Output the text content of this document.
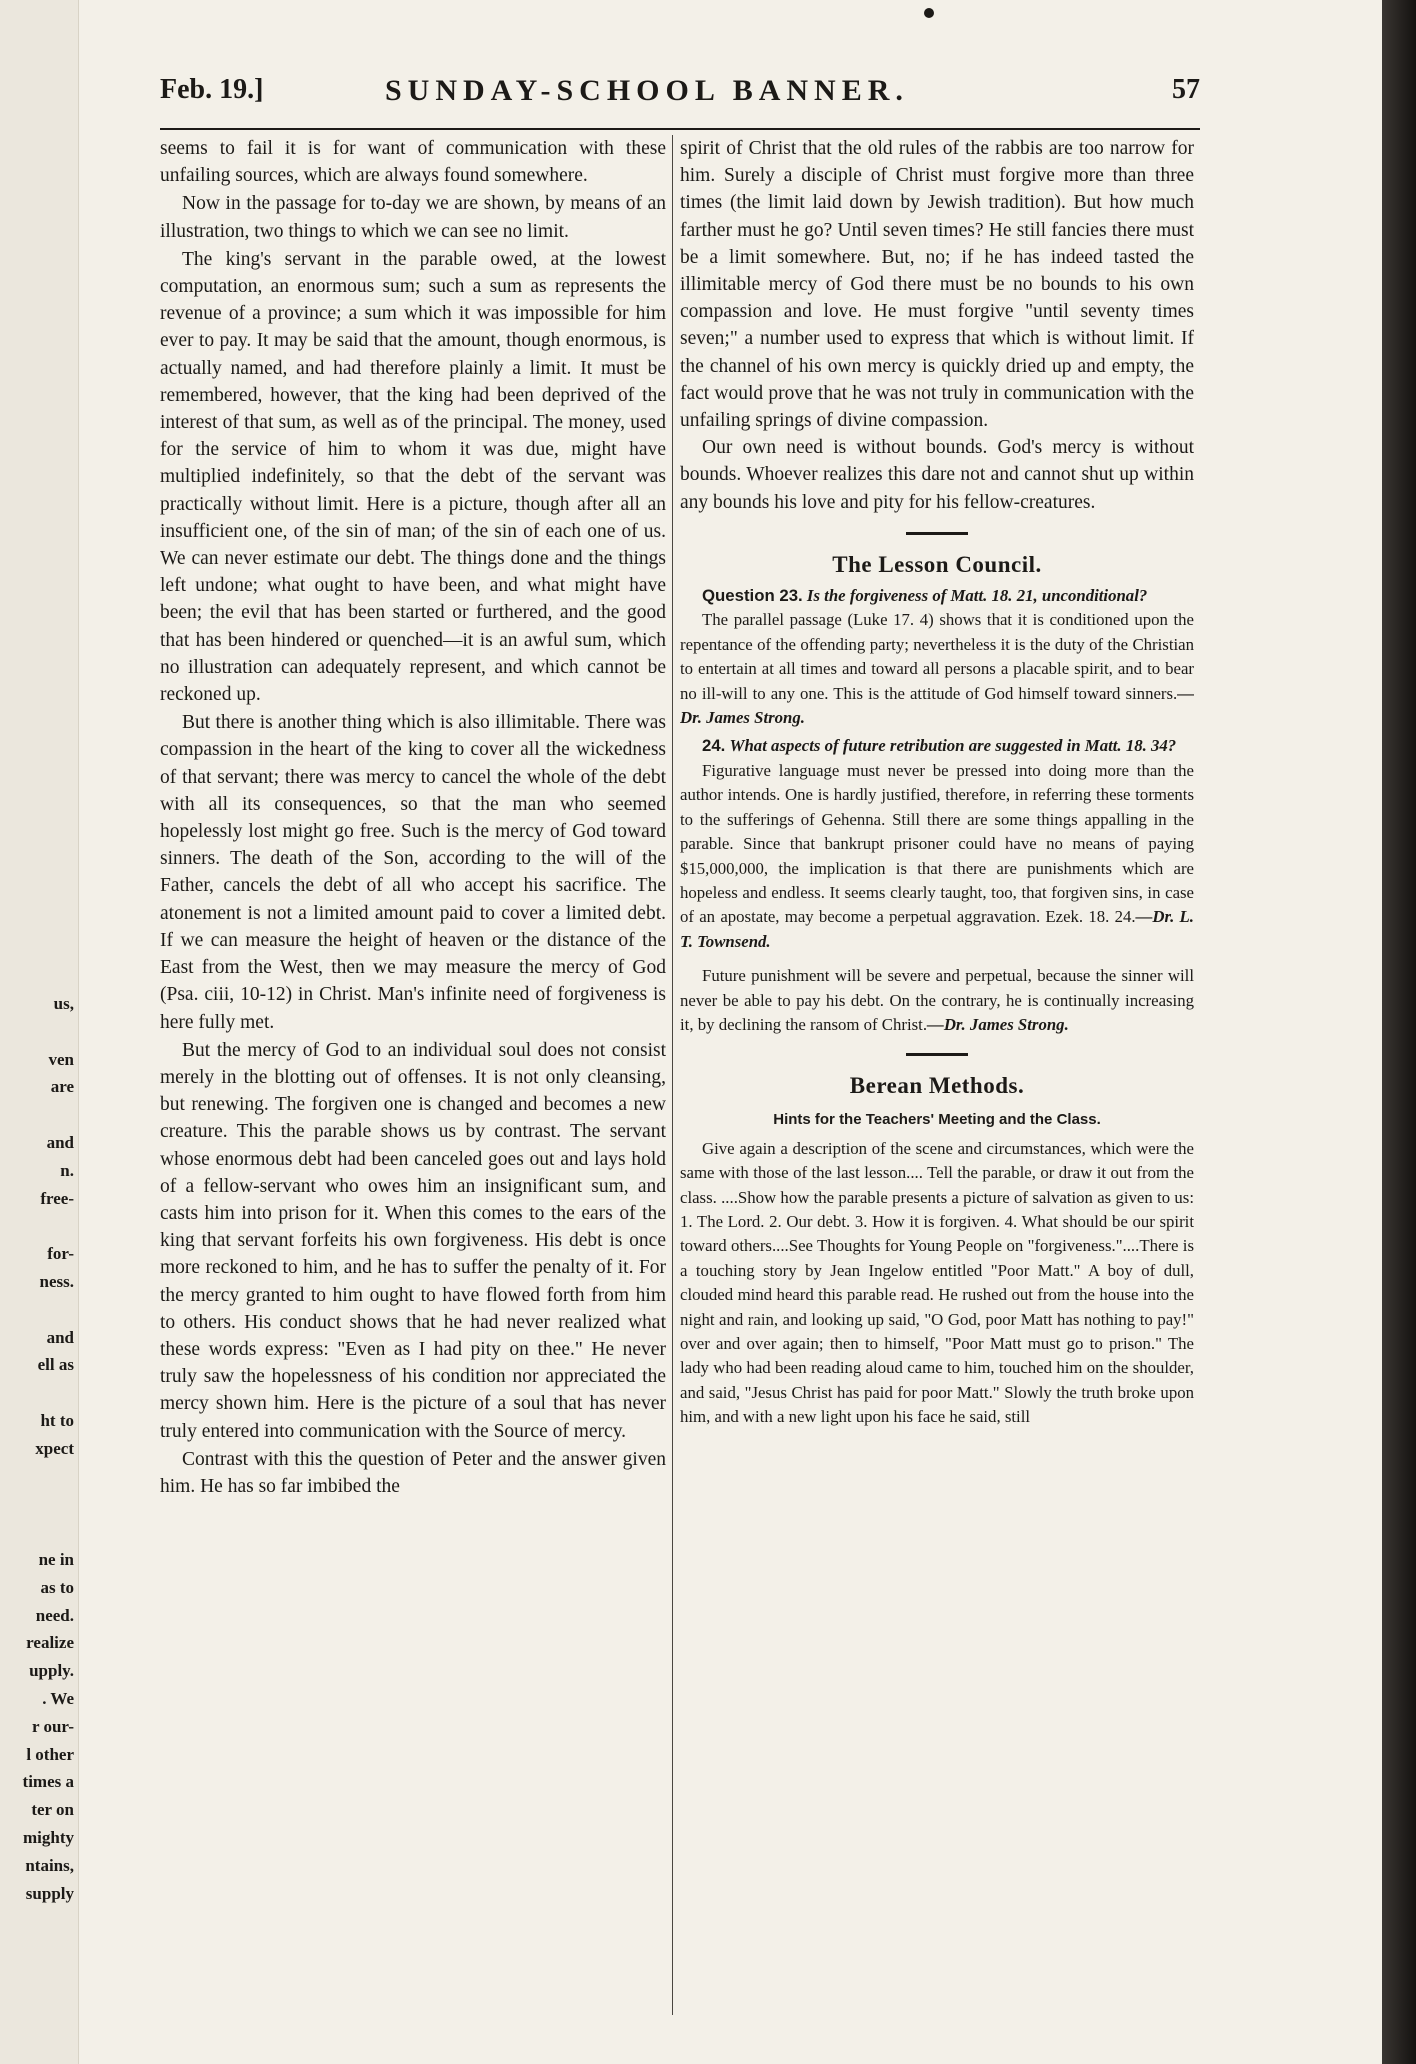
us,
ven
are
and
n.
free-
for-
ness.
and
ell as
ht to
xpect
ne in
as to
need.
realize
upply.
. We
r our-
l other
times a
ter on
mighty
ntains,
supply
Feb. 19.]	SUNDAY-SCHOOL BANNER.	57

seems to fail it is for want of communication with these unfailing sources, which are always found somewhere.

Now in the passage for to-day we are shown, by means of an illustration, two things to which we can see no limit.

The king's servant in the parable owed, at the lowest computation, an enormous sum; such a sum as represents the revenue of a province; a sum which it was impossible for him ever to pay. It may be said that the amount, though enormous, is actually named, and had therefore plainly a limit. It must be remembered, however, that the king had been deprived of the interest of that sum, as well as of the principal. The money, used for the service of him to whom it was due, might have multiplied indefinitely, so that the debt of the servant was practically without limit. Here is a picture, though after all an insufficient one, of the sin of man; of the sin of each one of us. We can never estimate our debt. The things done and the things left undone; what ought to have been, and what might have been; the evil that has been started or furthered, and the good that has been hindered or quenched—it is an awful sum, which no illustration can adequately represent, and which cannot be reckoned up.

But there is another thing which is also illimitable. There was compassion in the heart of the king to cover all the wickedness of that servant; there was mercy to cancel the whole of the debt with all its consequences, so that the man who seemed hopelessly lost might go free. Such is the mercy of God toward sinners. The death of the Son, according to the will of the Father, cancels the debt of all who accept his sacrifice. The atonement is not a limited amount paid to cover a limited debt. If we can measure the height of heaven or the distance of the East from the West, then we may measure the mercy of God (Psa. ciii, 10-12) in Christ. Man's infinite need of forgiveness is here fully met.

But the mercy of God to an individual soul does not consist merely in the blotting out of offenses. It is not only cleansing, but renewing. The forgiven one is changed and becomes a new creature. This the parable shows us by contrast. The servant whose enormous debt had been canceled goes out and lays hold of a fellow-servant who owes him an insignificant sum, and casts him into prison for it. When this comes to the ears of the king that servant forfeits his own forgiveness. His debt is once more reckoned to him, and he has to suffer the penalty of it. For the mercy granted to him ought to have flowed forth from him to others. His conduct shows that he had never realized what these words express: "Even as I had pity on thee." He never truly saw the hopelessness of his condition nor appreciated the mercy shown him. Here is the picture of a soul that has never truly entered into communication with the Source of mercy.

Contrast with this the question of Peter and the answer given him. He has so far imbibed the

spirit of Christ that the old rules of the rabbis are too narrow for him. Surely a disciple of Christ must forgive more than three times (the limit laid down by Jewish tradition). But how much farther must he go? Until seven times? He still fancies there must be a limit somewhere. But, no; if he has indeed tasted the illimitable mercy of God there must be no bounds to his own compassion and love. He must forgive "until seventy times seven;" a number used to express that which is without limit. If the channel of his own mercy is quickly dried up and empty, the fact would prove that he was not truly in communication with the unfailing springs of divine compassion.

Our own need is without bounds. God's mercy is without bounds. Whoever realizes this dare not and cannot shut up within any bounds his love and pity for his fellow-creatures.

The Lesson Council.
Question 23. Is the forgiveness of Matt. 18. 21, unconditional?

The parallel passage (Luke 17. 4) shows that it is conditioned upon the repentance of the offending party; nevertheless it is the duty of the Christian to entertain at all times and toward all persons a placable spirit, and to bear no ill-will to any one. This is the attitude of God himself toward sinners.—Dr. James Strong.

24. What aspects of future retribution are suggested in Matt. 18. 34?

Figurative language must never be pressed into doing more than the author intends. One is hardly justified, therefore, in referring these torments to the sufferings of Gehenna. Still there are some things appalling in the parable. Since that bankrupt prisoner could have no means of paying $15,000,000, the implication is that there are punishments which are hopeless and endless. It seems clearly taught, too, that forgiven sins, in case of an apostate, may become a perpetual aggravation. Ezek. 18. 24.—Dr. L. T. Townsend.

Future punishment will be severe and perpetual, because the sinner will never be able to pay his debt. On the contrary, he is continually increasing it, by declining the ransom of Christ.—Dr. James Strong.

Berean Methods.
Hints for the Teachers' Meeting and the Class.

Give again a description of the scene and circumstances, which were the same with those of the last lesson.... Tell the parable, or draw it out from the class. ....Show how the parable presents a picture of salvation as given to us: 1. The Lord. 2. Our debt. 3. How it is forgiven. 4. What should be our spirit toward others....See Thoughts for Young People on "forgiveness."....There is a touching story by Jean Ingelow entitled "Poor Matt." A boy of dull, clouded mind heard this parable read. He rushed out from the house into the night and rain, and looking up said, "O God, poor Matt has nothing to pay!" over and over again; then to himself, "Poor Matt must go to prison." The lady who had been reading aloud came to him, touched him on the shoulder, and said, "Jesus Christ has paid for poor Matt." Slowly the truth broke upon him, and with a new light upon his face he said, still
